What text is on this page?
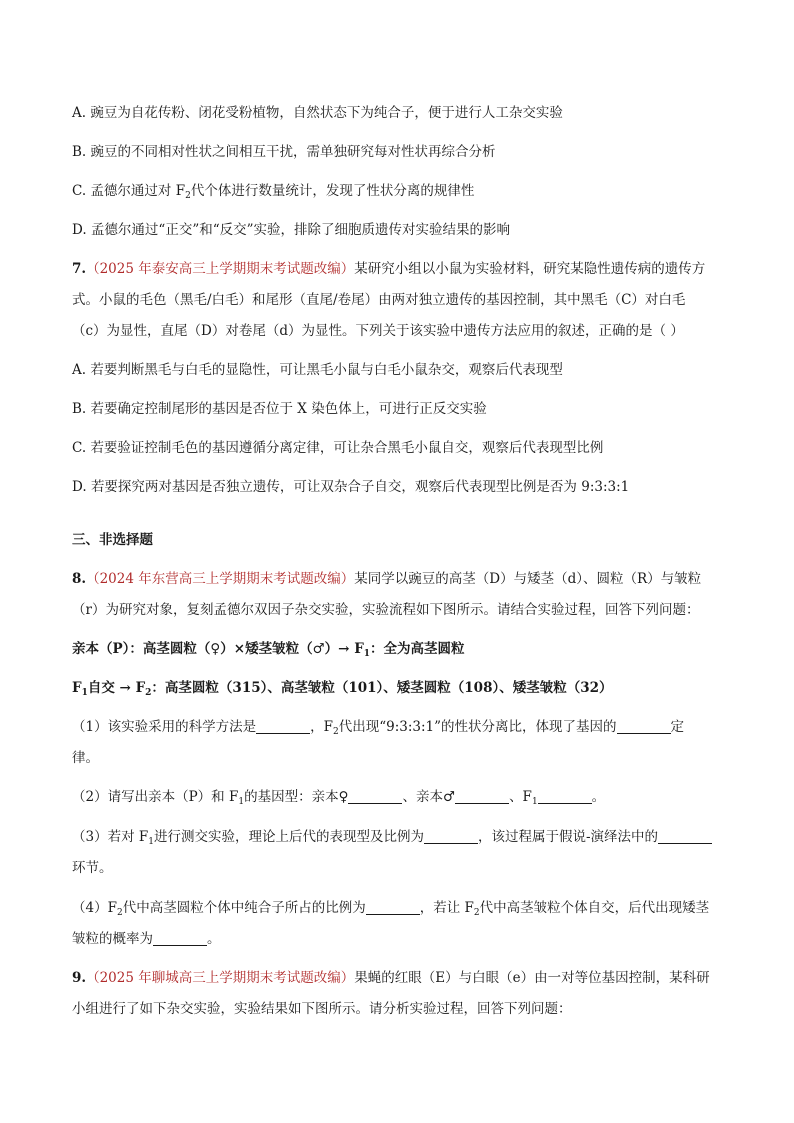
A. 豌豆为自花传粉、闭花受粉植物，自然状态下为纯合子，便于进行人工杂交实验
B. 豌豆的不同相对性状之间相互干扰，需单独研究每对性状再综合分析
C. 孟德尔通过对 $F_2$代个体进行数量统计，发现了性状分离的规律性
D. 孟德尔通过“正交”和“反交”实验，排除了细胞质遗传对实验结果的影响
7.（2025 年泰安高三上学期期末考试题改编）某研究小组以小鼠为实验材料，研究某隐性遗传病的遗传方
式。小鼠的毛色（黑毛/白毛）和尾形（直尾/卷尾）由两对独立遗传的基因控制，其中黑毛（C）对白毛
（c）为显性，直尾（D）对卷尾（d）为显性。下列关于该实验中遗传方法应用的叙述，正确的是（ ）
A. 若要判断黑毛与白毛的显隐性，可让黑毛小鼠与白毛小鼠杂交，观察后代表现型
B. 若要确定控制尾形的基因是否位于 X 染色体上，可进行正反交实验
C. 若要验证控制毛色的基因遵循分离定律，可让杂合黑毛小鼠自交，观察后代表现型比例
D. 若要探究两对基因是否独立遗传，可让双杂合子自交，观察后代表现型比例是否为 9:3:3:1
三、非选择题
8.（2024 年东营高三上学期期末考试题改编）某同学以豌豆的高茎（D）与矮茎（d）、圆粒（R）与皱粒
（r）为研究对象，复刻孟德尔双因子杂交实验，实验流程如下图所示。请结合实验过程，回答下列问题：
亲本（P）：高茎圆粒（♀）×矮茎皱粒（♂）→ $F_1$：全为高茎圆粒
$F_1$自交 → $F_2$：高茎圆粒（315）、高茎皱粒（101）、矮茎圆粒（108）、矮茎皱粒（32）
（1）该实验采用的科学方法是	，$F_2$代出现“9:3:3:1”的性状分离比，体现了基因的	定
律。
（2）请写出亲本（P）和 $F_1$的基因型：亲本♀	、亲本♂	、$F_1$	。
（3）若对 $F_1$进行测交实验，理论上后代的表现型及比例为	，该过程属于假说-演绎法中的
环节。
$(4)F_2$代中高茎圆粒个体中纯合子所占的比例为	，若让 $F_2$代中高茎皱粒个体自交，后代出现矮茎
皱粒的概率为	。
9.（2025 年聊城高三上学期期末考试题改编）果蝇的红眼（E）与白眼（e）由一对等位基因控制，某科研
小组进行了如下杂交实验，实验结果如下图所示。请分析实验过程，回答下列问题：
